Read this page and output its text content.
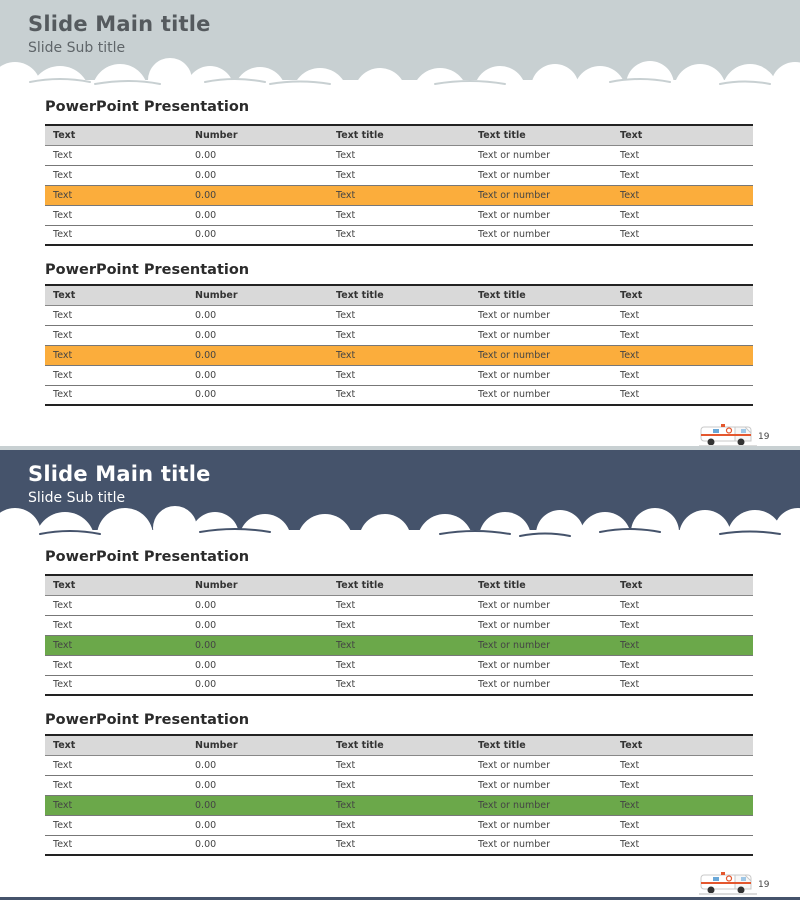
Slide Main title
Slide Sub title
PowerPoint Presentation
Text	Number	Text title	Text title	Text
Text	0.00	Text	Text or number	Text
Text	0.00	Text	Text or number	Text
Text	0.00	Text	Text or number	Text
Text	0.00	Text	Text or number	Text
Text	0.00	Text	Text or number	Text
PowerPoint Presentation
Text	Number	Text title	Text title	Text
Text	0.00	Text	Text or number	Text
Text	0.00	Text	Text or number	Text
Text	0.00	Text	Text or number	Text
Text	0.00	Text	Text or number	Text
Text	0.00	Text	Text or number	Text
19
Slide Main title
Slide Sub title
PowerPoint Presentation
Text	Number	Text title	Text title	Text
Text	0.00	Text	Text or number	Text
Text	0.00	Text	Text or number	Text
Text	0.00	Text	Text or number	Text
Text	0.00	Text	Text or number	Text
Text	0.00	Text	Text or number	Text
PowerPoint Presentation
Text	Number	Text title	Text title	Text
Text	0.00	Text	Text or number	Text
Text	0.00	Text	Text or number	Text
Text	0.00	Text	Text or number	Text
Text	0.00	Text	Text or number	Text
Text	0.00	Text	Text or number	Text
19
